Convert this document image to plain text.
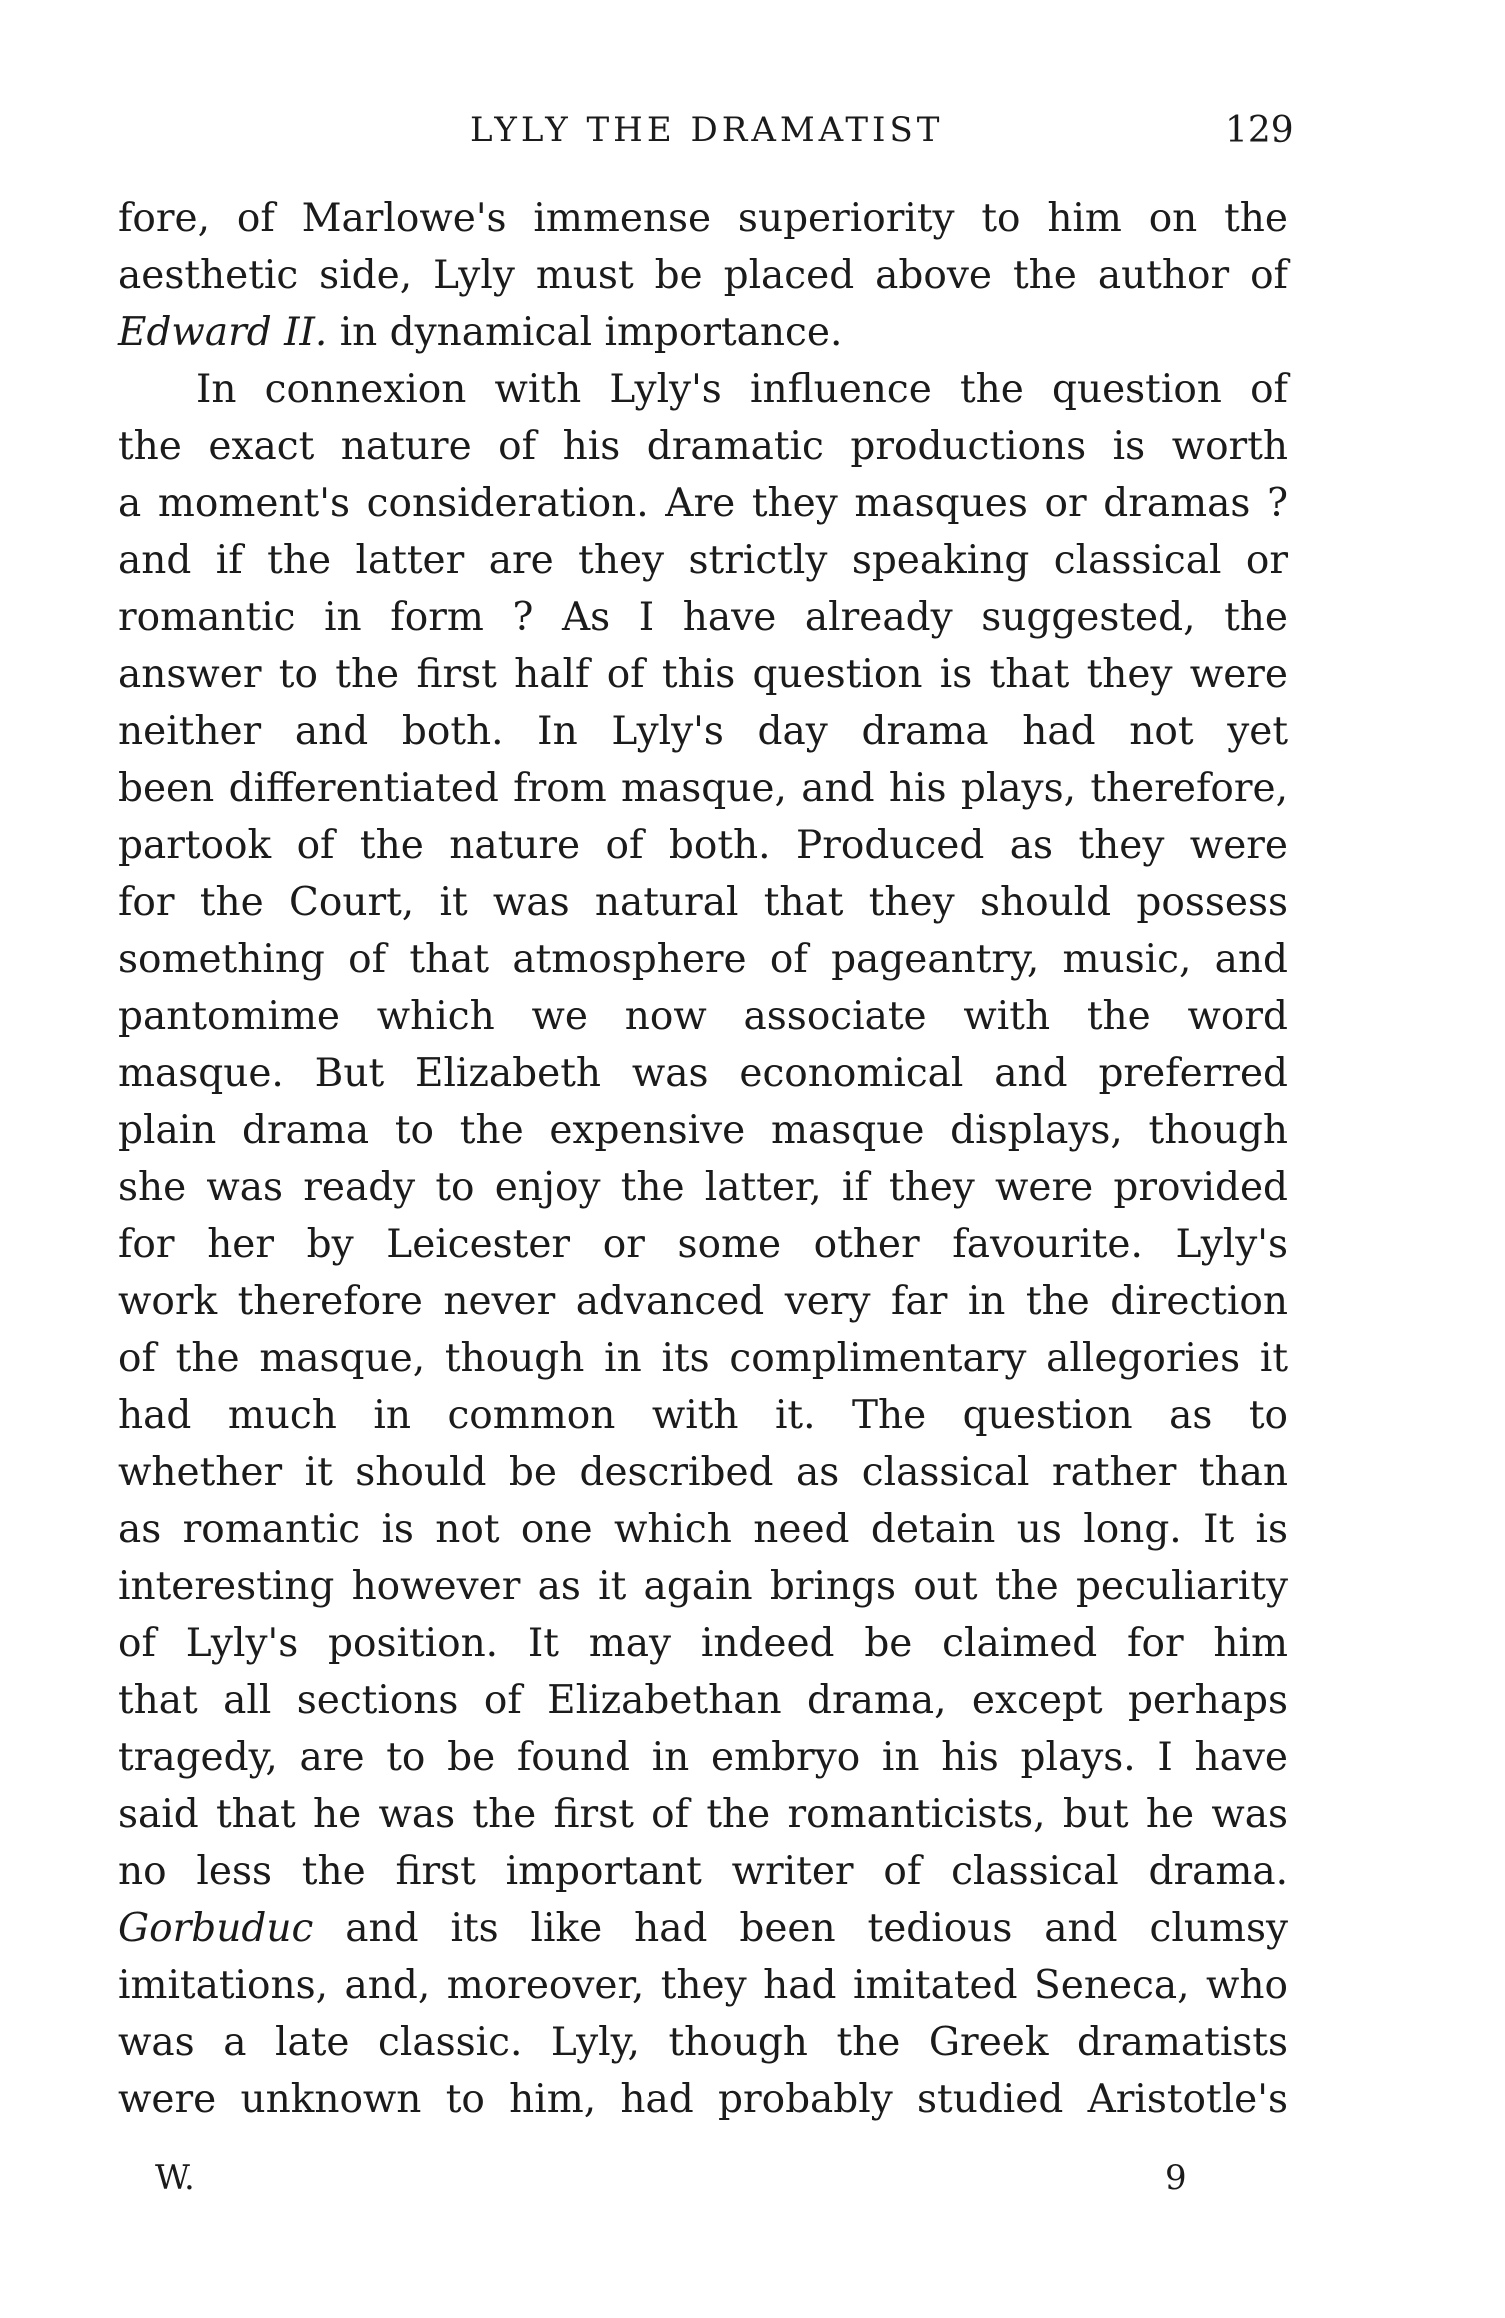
LYLY THE DRAMATIST	129
fore, of Marlowe's immense superiority to him on the
aesthetic side, Lyly must be placed above the author of
Edward II. in dynamical importance.
In connexion with Lyly's influence the question of
the exact nature of his dramatic productions is worth
a moment's consideration. Are they masques or dramas ?
and if the latter are they strictly speaking classical or
romantic in form ? As I have already suggested, the
answer to the first half of this question is that they were
neither and both. In Lyly's day drama had not yet
been differentiated from masque, and his plays, therefore,
partook of the nature of both. Produced as they were
for the Court, it was natural that they should possess
something of that atmosphere of pageantry, music, and
pantomime which we now associate with the word
masque. But Elizabeth was economical and preferred
plain drama to the expensive masque displays, though
she was ready to enjoy the latter, if they were provided
for her by Leicester or some other favourite. Lyly's
work therefore never advanced very far in the direction
of the masque, though in its complimentary allegories it
had much in common with it. The question as to
whether it should be described as classical rather than
as romantic is not one which need detain us long. It is
interesting however as it again brings out the peculiarity
of Lyly's position. It may indeed be claimed for him
that all sections of Elizabethan drama, except perhaps
tragedy, are to be found in embryo in his plays. I have
said that he was the first of the romanticists, but he was
no less the first important writer of classical drama.
Gorbuduc and its like had been tedious and clumsy
imitations, and, moreover, they had imitated Seneca, who
was a late classic. Lyly, though the Greek dramatists
were unknown to him, had probably studied Aristotle's
W.	9
